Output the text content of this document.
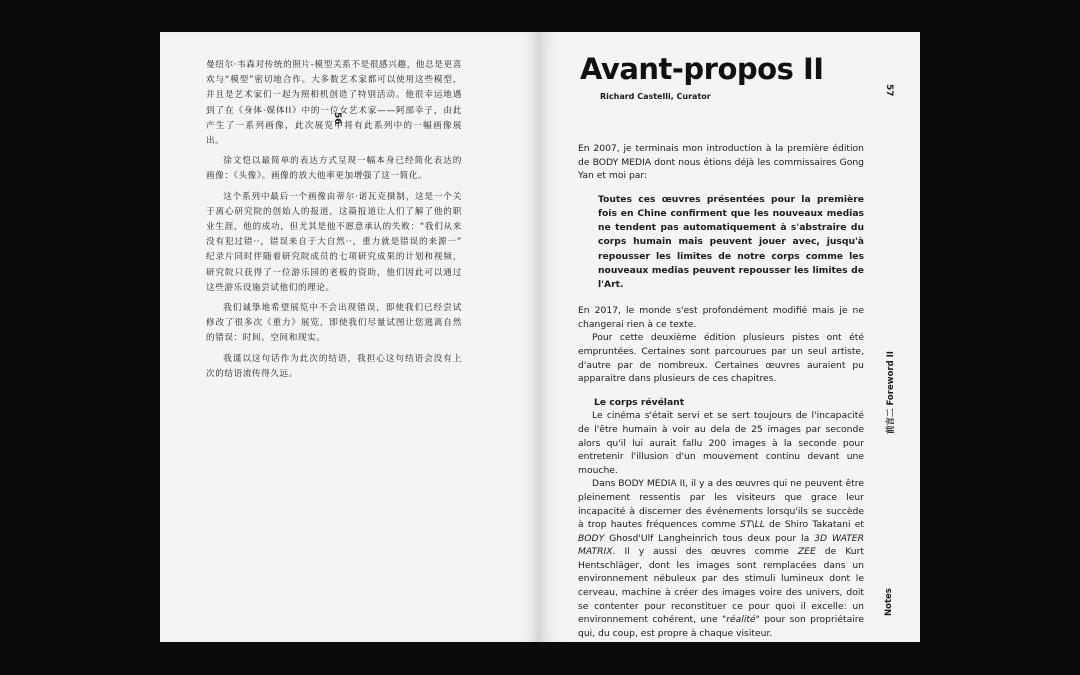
56

曼纽尔·韦森对传统的照片-模型关系不是很感兴趣，他总是更喜欢与“模型”密切地合作。大多数艺术家都可以使用这些模型，并且是艺术家们一起为照相机创造了特别活动。他很幸运地遇到了在《身体·媒体II》中的一位女艺术家——阿部幸子，由此产生了一系列画像，此次展览中将有此系列中的一幅画像展出。

徐文恺以最简单的表达方式呈现一幅本身已经简化表达的画像：《头像》。画像的放大他率更加增强了这一简化。

这个系列中最后一个画像由蒂尔·诺瓦克摄制，这是一个关于离心研究院的创始人的报道，这篇报道让人们了解了他的职业生涯，他的成功，但尤其是他不愿意承认的失败：“我们从来没有犯过错··，错误来自于大自然··，重力就是错误的来源一” 纪录片同时伴随着研究院成员的七项研究成果的计划和视频，研究院只获得了一位游乐园的老板的资助，他们因此可以通过这些游乐设施尝试他们的理论。

我们诚挚地希望展览中不会出现错误，即使我们已经尝试修改了很多次《重力》展览，即使我们尽量试图让您逃离自然的错误：时间、空间和现实。

我谨以这句话作为此次的结语，我担心这句结语会没有上次的结语流传得久远。

Avant-propos II
Richard Castelli, Curator	57
前言二 Foreword II
Notes

En 2007, je terminais mon introduction à la première édition de BODY MEDIA dont nous étions déjà les commissaires Gong Yan et moi par:

Toutes ces œuvres présentées pour la première fois en Chine confirment que les nouveaux medias ne tendent pas automatiquement à s'abstraire du corps humain mais peuvent jouer avec, jusqu'à repousser les limites de notre corps comme les nouveaux medias peuvent repousser les limites de l'Art.

En 2017, le monde s'est profondément modifié mais je ne changerai rien à ce texte.

Pour cette deuxième édition plusieurs pistes ont été empruntées. Certaines sont parcourues par un seul artiste, d'autre par de nombreux. Certaines œuvres auraient pu apparaitre dans plusieurs de ces chapitres.

Le corps révélant

Le cinéma s'était servi et se sert toujours de l'incapacité de l'être humain à voir au dela de 25 images par seconde alors qu'il lui aurait fallu 200 images à la seconde pour entretenir l'illusion d'un mouvement continu devant une mouche.

Dans BODY MEDIA II, il y a des œuvres qui ne peuvent être pleinement ressentis par les visiteurs que grace leur incapacité à discerner des événements lorsqu'ils se succède à trop hautes fréquences comme ST\LL de Shiro Takatani et BODY Ghosd'Ulf Langheinrich tous deux pour la 3D WATER MATRIX. Il y aussi des œuvres comme ZEE de Kurt Hentschläger, dont les images sont remplacées dans un environnement nébuleux par des stimuli lumineux dont le cerveau, machine à créer des images voire des univers, doit se contenter pour reconstituer ce pour quoi il excelle: un environnement cohérent, une "réalité" pour son propriétaire qui, du coup, est propre à chaque visiteur.
